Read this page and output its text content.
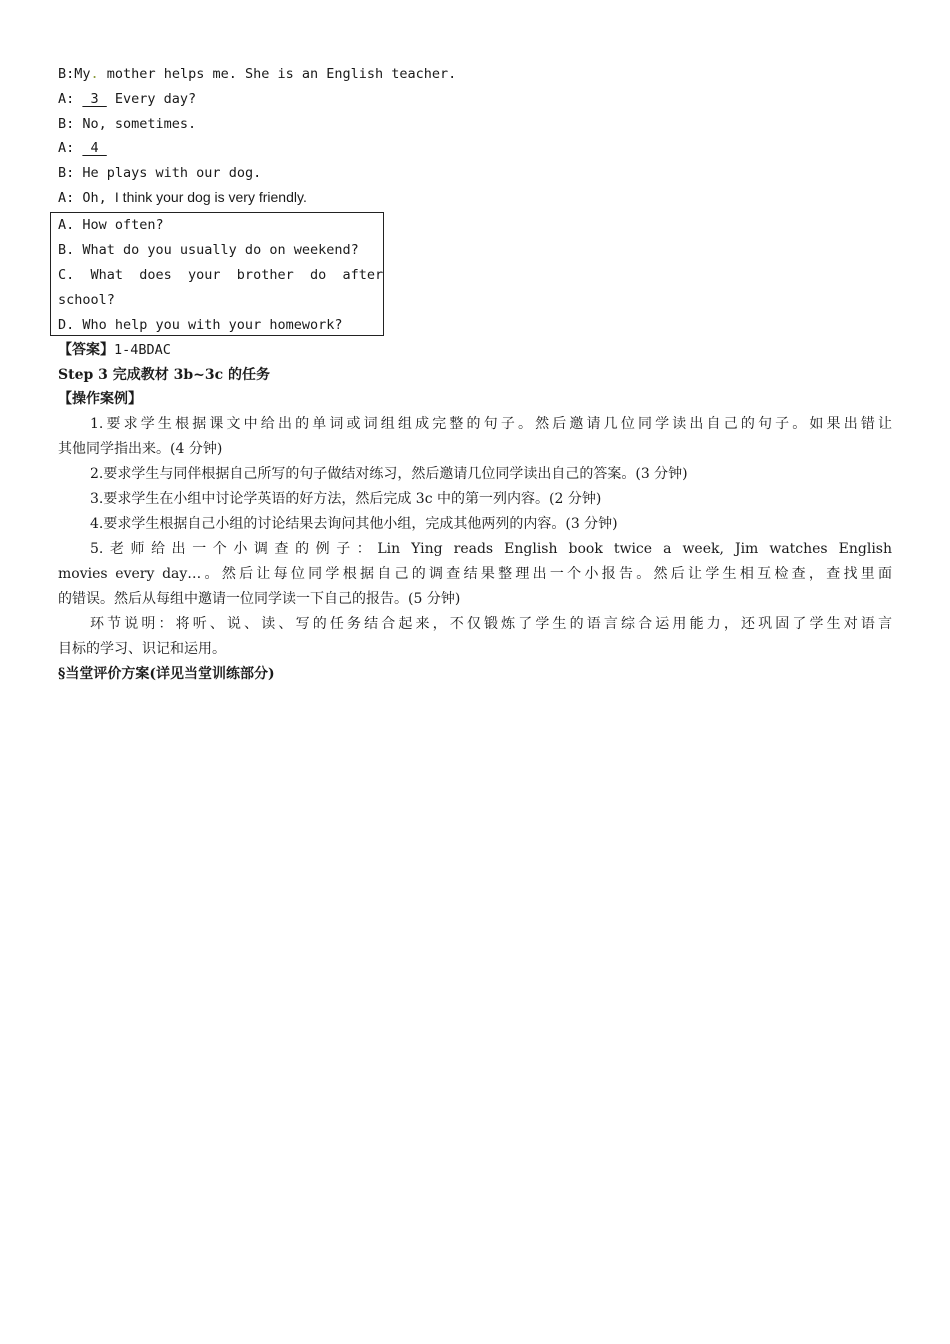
B:My. mother helps me. She is an English teacher.
A:  3  Every day?
B: No, sometimes.
A:  4
B: He plays with our dog.
A: Oh, I think your dog is very friendly.
A. How often?
B. What do you usually do on weekend?
C.  What  does  your  brother  do  after
school?
D. Who help you with your homework?
【答案】1-4BDAC
Step 3 完成教材 3b~3c 的任务
【操作案例】
1.要求学生根据课文中给出的单词或词组组成完整的句子。然后邀请几位同学读出自己的句子。如果出错让
其他同学指出来。(4 分钟)
2.要求学生与同伴根据自己所写的句子做结对练习，然后邀请几位同学读出自己的答案。(3 分钟)
3.要求学生在小组中讨论学英语的好方法，然后完成 3c 中的第一列内容。(2 分钟)
4.要求学生根据自己小组的讨论结果去询问其他小组，完成其他两列的内容。(3 分钟)
5.老师给出一个小调查的例子：Lin Ying reads English book twice a week, Jim watches English
movies every day…。然后让每位同学根据自己的调查结果整理出一个小报告。然后让学生相互检查，查找里面
的错误。然后从每组中邀请一位同学读一下自己的报告。(5 分钟)
环节说明：将听、说、读、写的任务结合起来，不仅锻炼了学生的语言综合运用能力，还巩固了学生对语言
目标的学习、识记和运用。
§当堂评价方案(详见当堂训练部分)
